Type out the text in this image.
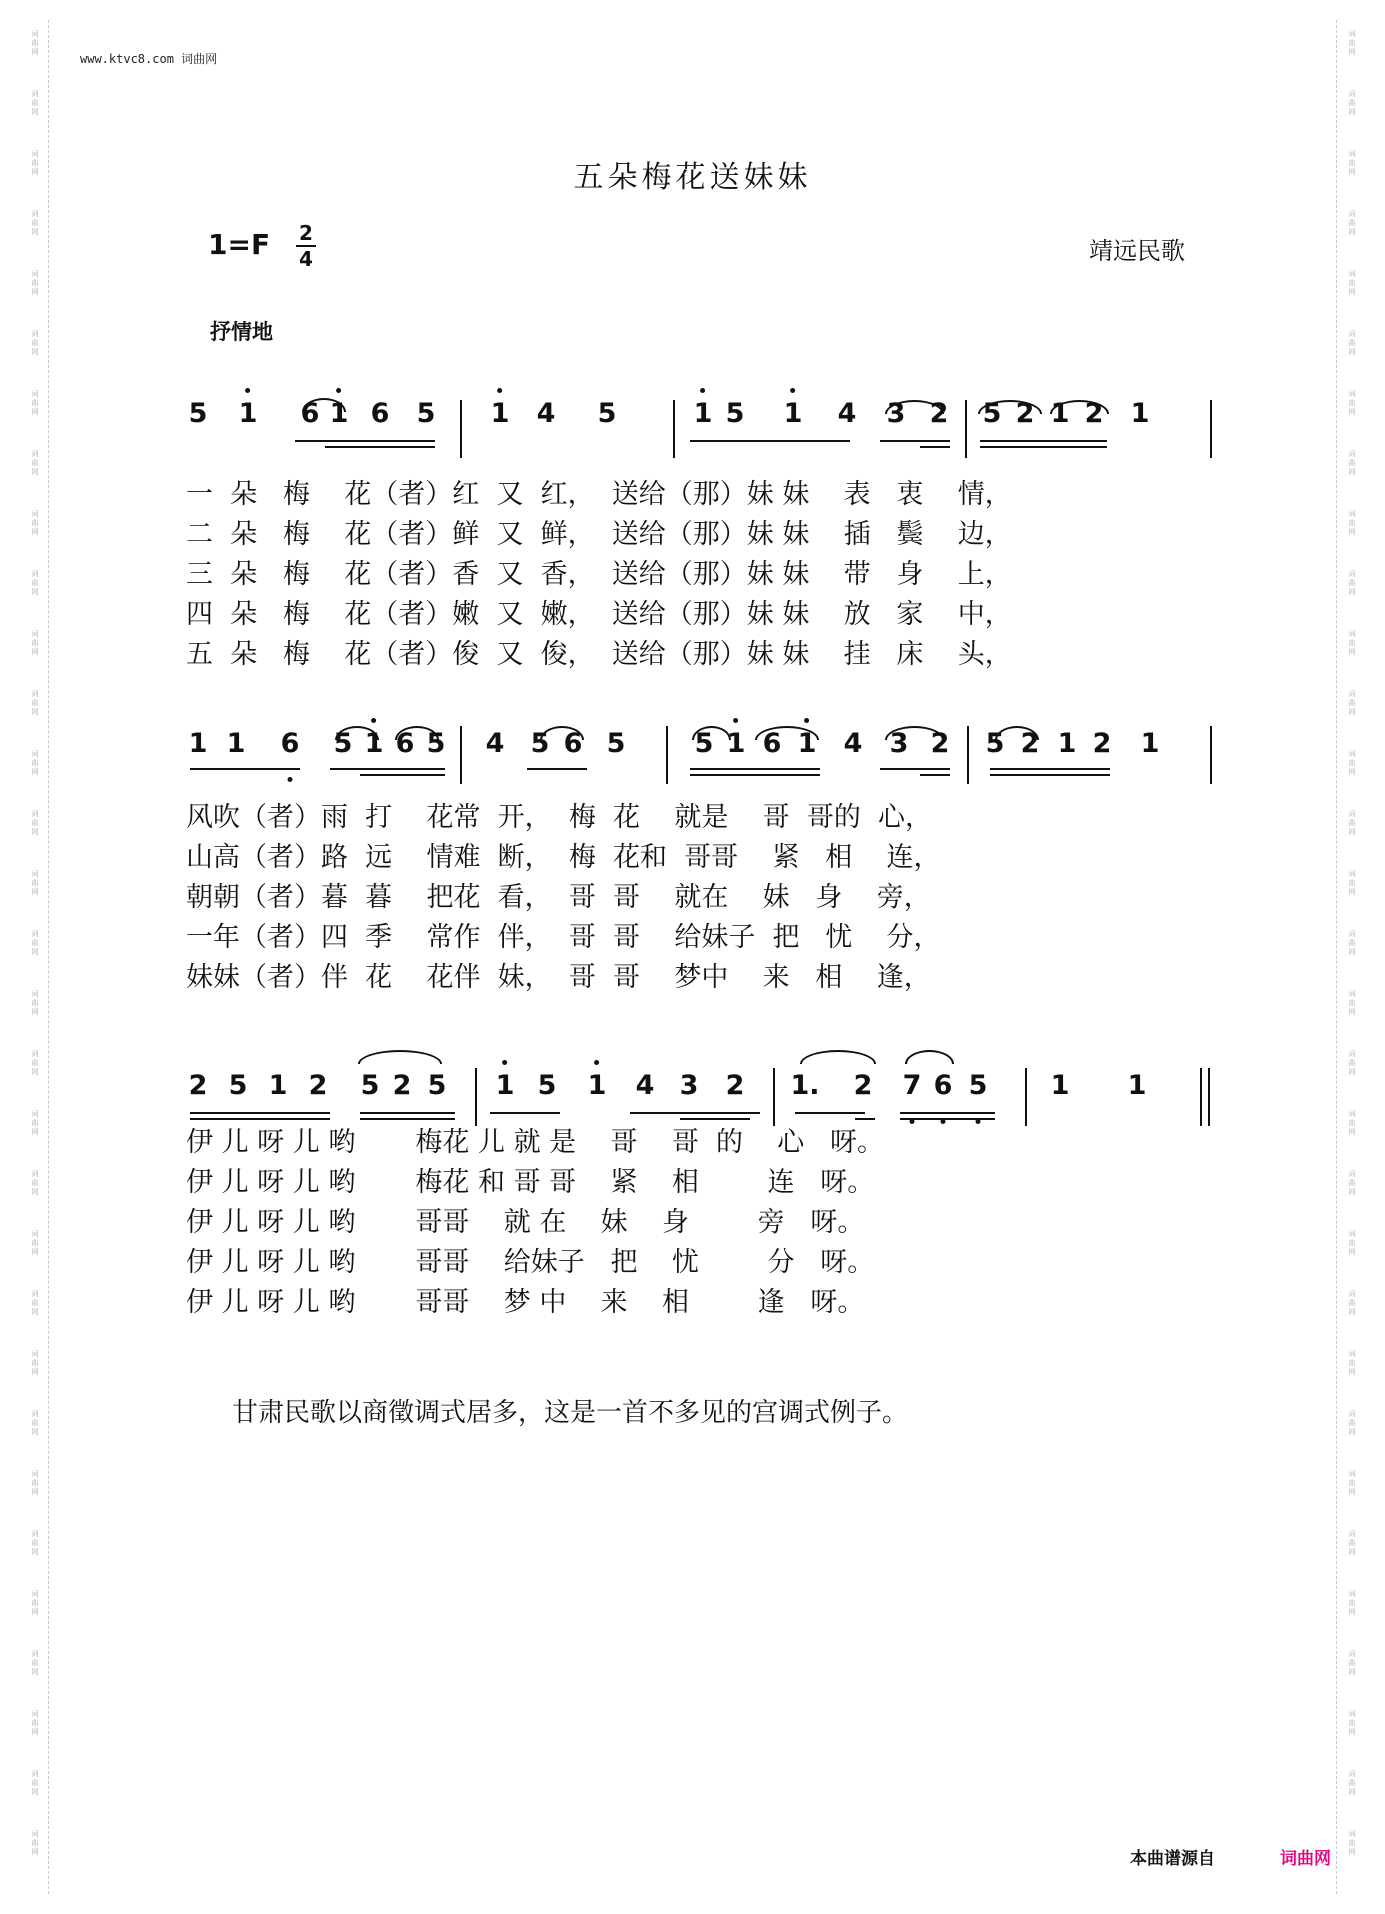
词
曲
网
词
曲
网
词
曲
网
词
曲
网
词
曲
网
词
曲
网
词
曲
网
词
曲
网
词
曲
网
词
曲
网
词
曲
网
词
曲
网
词
曲
网
词
曲
网
词
曲
网
词
曲
网
词
曲
网
词
曲
网
词
曲
网
词
曲
网
词
曲
网
词
曲
网
词
曲
网
词
曲
网
词
曲
网
词
曲
网
词
曲
网
词
曲
网
词
曲
网
词
曲
网
词
曲
网
词
曲
网
词
曲
网
词
曲
网
词
曲
网
词
曲
网
词
曲
网
词
曲
网
词
曲
网
词
曲
网
词
曲
网
词
曲
网
词
曲
网
词
曲
网
词
曲
网
词
曲
网
词
曲
网
词
曲
网
词
曲
网
词
曲
网
词
曲
网
词
曲
网
词
曲
网
词
曲
网
词
曲
网
词
曲
网
词
曲
网
词
曲
网
词
曲
网
词
曲
网
词
曲
网
词
曲
网
www.ktvc8.com 词曲网
五朵梅花送妹妹
1=F 2
4	靖远民歌
抒情地
5 1 6 1 6 5 1 4 5	1 5 1 4 3 2 5 2 1 2 1
1 1 6 5 1 6 5 4 5 6 5	5 1 6 1 4 3 2 5 2 1 2 1
2 5 1 2 5 2 5 1 5 1 4 3 2 1. 2 7 6 5 1 1

一  朵   梅    花（者）红  又  红，  送给（那）妹 妹    表   衷    情，

二  朵   梅    花（者）鲜  又  鲜，  送给（那）妹 妹    插   鬓    边，

三  朵   梅    花（者）香  又  香，  送给（那）妹 妹    带   身    上，

四  朵   梅    花（者）嫩  又  嫩，  送给（那）妹 妹    放   家    中，

五  朵   梅    花（者）俊  又  俊，  送给（那）妹 妹    挂   床    头，

风吹（者）雨  打    花常  开，  梅  花    就是    哥  哥的  心，

山高（者）路  远    情难  断，  梅  花和  哥哥    紧   相    连，

朝朝（者）暮  暮    把花  看，  哥  哥    就在    妹   身    旁，

一年（者）四  季    常作  伴，  哥  哥    给妹子  把   忧    分，

妹妹（者）伴  花    花伴  妹，  哥  哥    梦中    来   相    逢，

伊 儿 呀 儿 哟       梅花 儿 就 是    哥    哥  的    心   呀。

伊 儿 呀 儿 哟       梅花 和 哥 哥    紧    相        连   呀。

伊 儿 呀 儿 哟       哥哥    就 在    妹    身        旁   呀。

伊 儿 呀 儿 哟       哥哥    给妹子   把    忧        分   呀。

伊 儿 呀 儿 哟       哥哥    梦 中    来    相        逢   呀。

甘肃民歌以商徵调式居多，这是一首不多见的宫调式例子。
本曲谱源自	词曲网
